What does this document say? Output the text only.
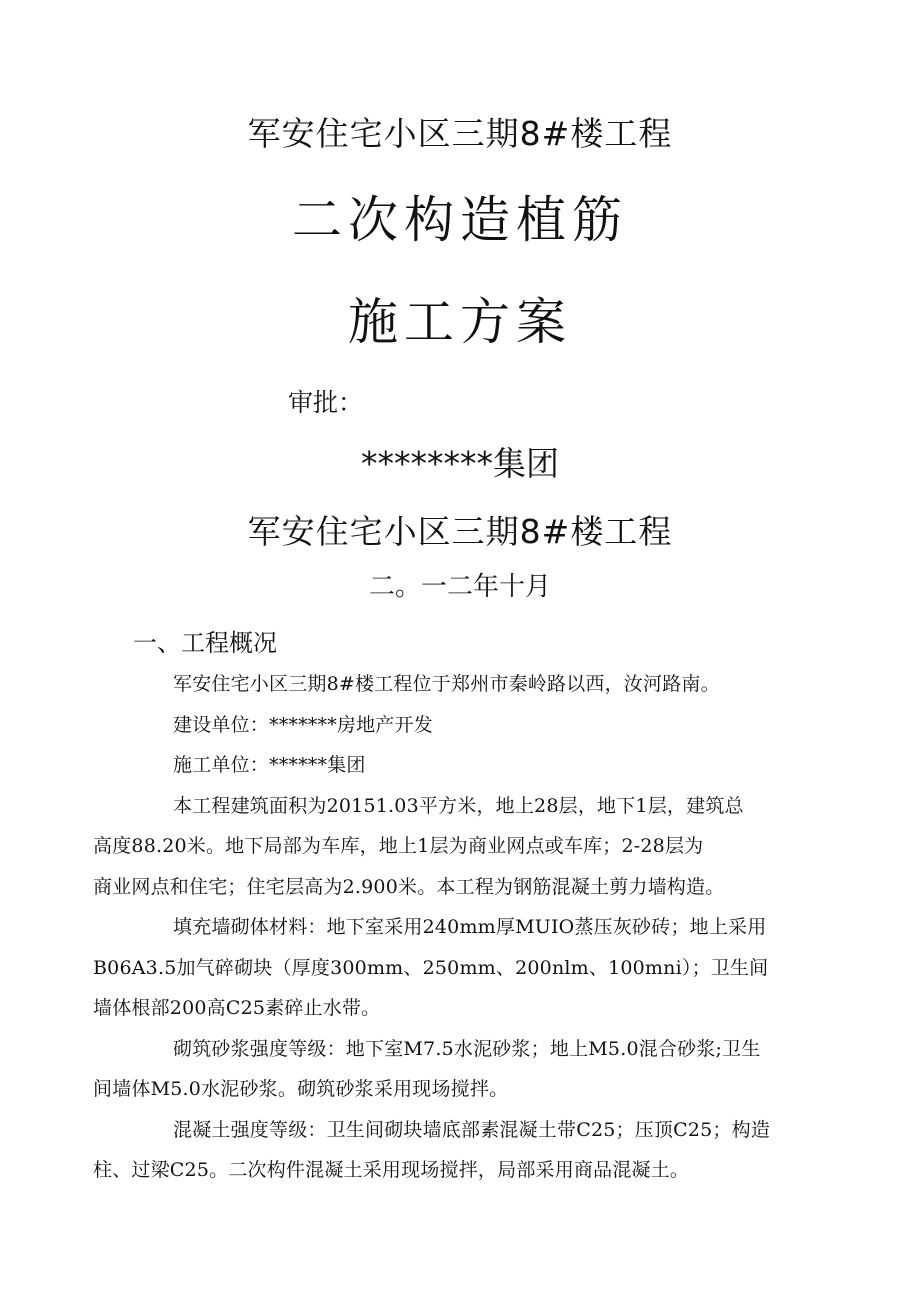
军安住宅小区三期8#楼工程
二次构造植筋
施工方案
审批：
********集团
军安住宅小区三期8#楼工程
二。一二年十月
一、工程概况

军安住宅小区三期8#楼工程位于郑州市秦岭路以西，汝河路南。

建设单位：*******房地产开发

施工单位：******集团

本工程建筑面积为20151.03平方米，地上28层，地下1层，建筑总
高度88.20米。地下局部为车库，地上1层为商业网点或车库；2-28层为
商业网点和住宅；住宅层高为2.900米。本工程为钢筋混凝土剪力墙构造。

填充墙砌体材料：地下室采用240mm厚MUIO蒸压灰砂砖；地上采用
B06A3.5加气碎砌块（厚度300mm、250mm、200nlm、100mni）；卫生间
墙体根部200高C25素碎止水带。

砌筑砂浆强度等级：地下室M7.5水泥砂浆；地上M5.0混合砂浆;卫生
间墙体M5.0水泥砂浆。砌筑砂浆采用现场搅拌。

混凝土强度等级：卫生间砌块墙底部素混凝土带C25；压顶C25；构造
柱、过梁C25。二次构件混凝土采用现场搅拌，局部采用商品混凝土。
